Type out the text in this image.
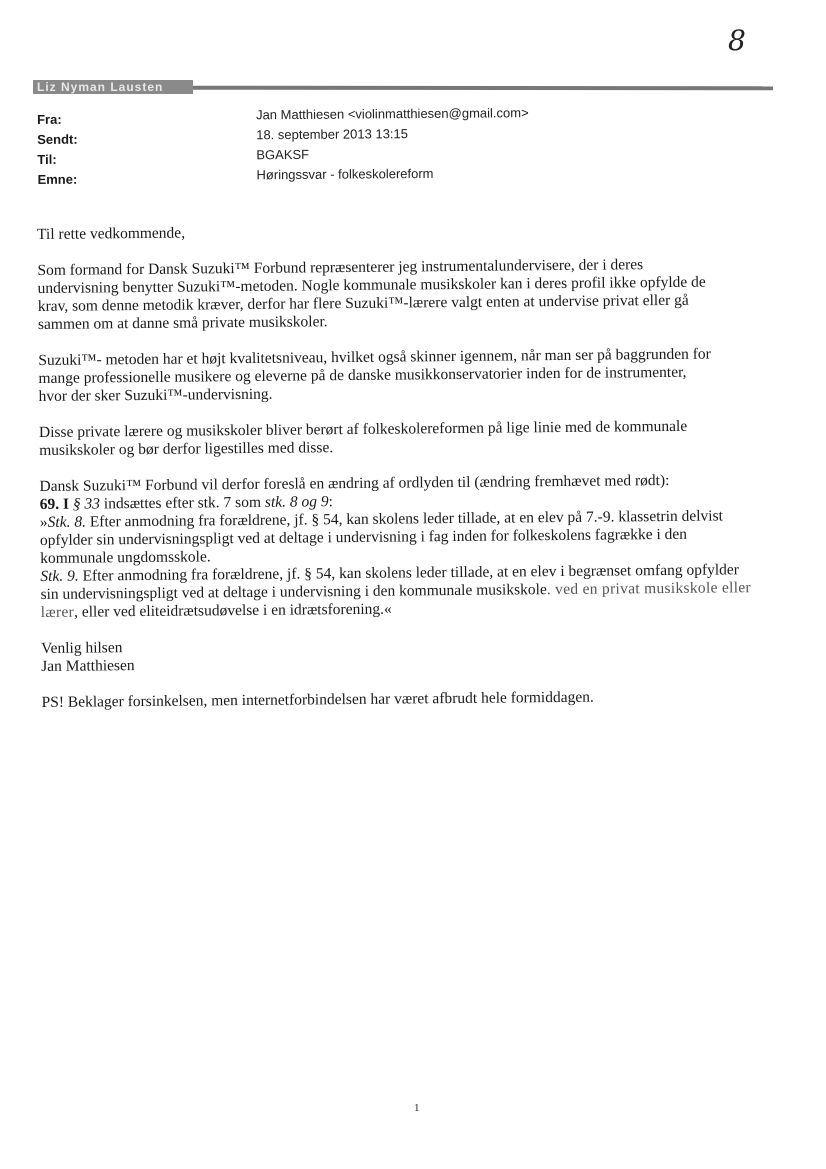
8
Liz Nyman Lausten
Fra:	Jan Matthiesen <violinmatthiesen@gmail.com>
Sendt:	18. september 2013 13:15
Til:	BGAKSF
Emne:	Høringssvar - folkeskolereform

Til rette vedkommende,

Som formand for Dansk Suzuki™ Forbund repræsenterer jeg instrumentalundervisere, der i deres
undervisning benytter Suzuki™-metoden. Nogle kommunale musikskoler kan i deres profil ikke opfylde de
krav, som denne metodik kræver, derfor har flere Suzuki™-lærere valgt enten at undervise privat eller gå
sammen om at danne små private musikskoler.

Suzuki™- metoden har et højt kvalitetsniveau, hvilket også skinner igennem, når man ser på baggrunden for
mange professionelle musikere og eleverne på de danske musikkonservatorier inden for de instrumenter,
hvor der sker Suzuki™-undervisning.

Disse private lærere og musikskoler bliver berørt af folkeskolereformen på lige linie med de kommunale
musikskoler og bør derfor ligestilles med disse.

Dansk Suzuki™ Forbund vil derfor foreslå en ændring af ordlyden til (ændring fremhævet med rødt):
69. I § 33 indsættes efter stk. 7 som stk. 8 og 9:
»Stk. 8. Efter anmodning fra forældrene, jf. § 54, kan skolens leder tillade, at en elev på 7.-9. klassetrin delvist
opfylder sin undervisningspligt ved at deltage i undervisning i fag inden for folkeskolens fagrække i den
kommunale ungdomsskole.
Stk. 9. Efter anmodning fra forældrene, jf. § 54, kan skolens leder tillade, at en elev i begrænset omfang opfylder
sin undervisningspligt ved at deltage i undervisning i den kommunale musikskole. ved en privat musikskole eller
lærer, eller ved eliteidrætsudøvelse i en idrætsforening.«

Venlig hilsen
Jan Matthiesen

PS! Beklager forsinkelsen, men internetforbindelsen har været afbrudt hele formiddagen.

1
